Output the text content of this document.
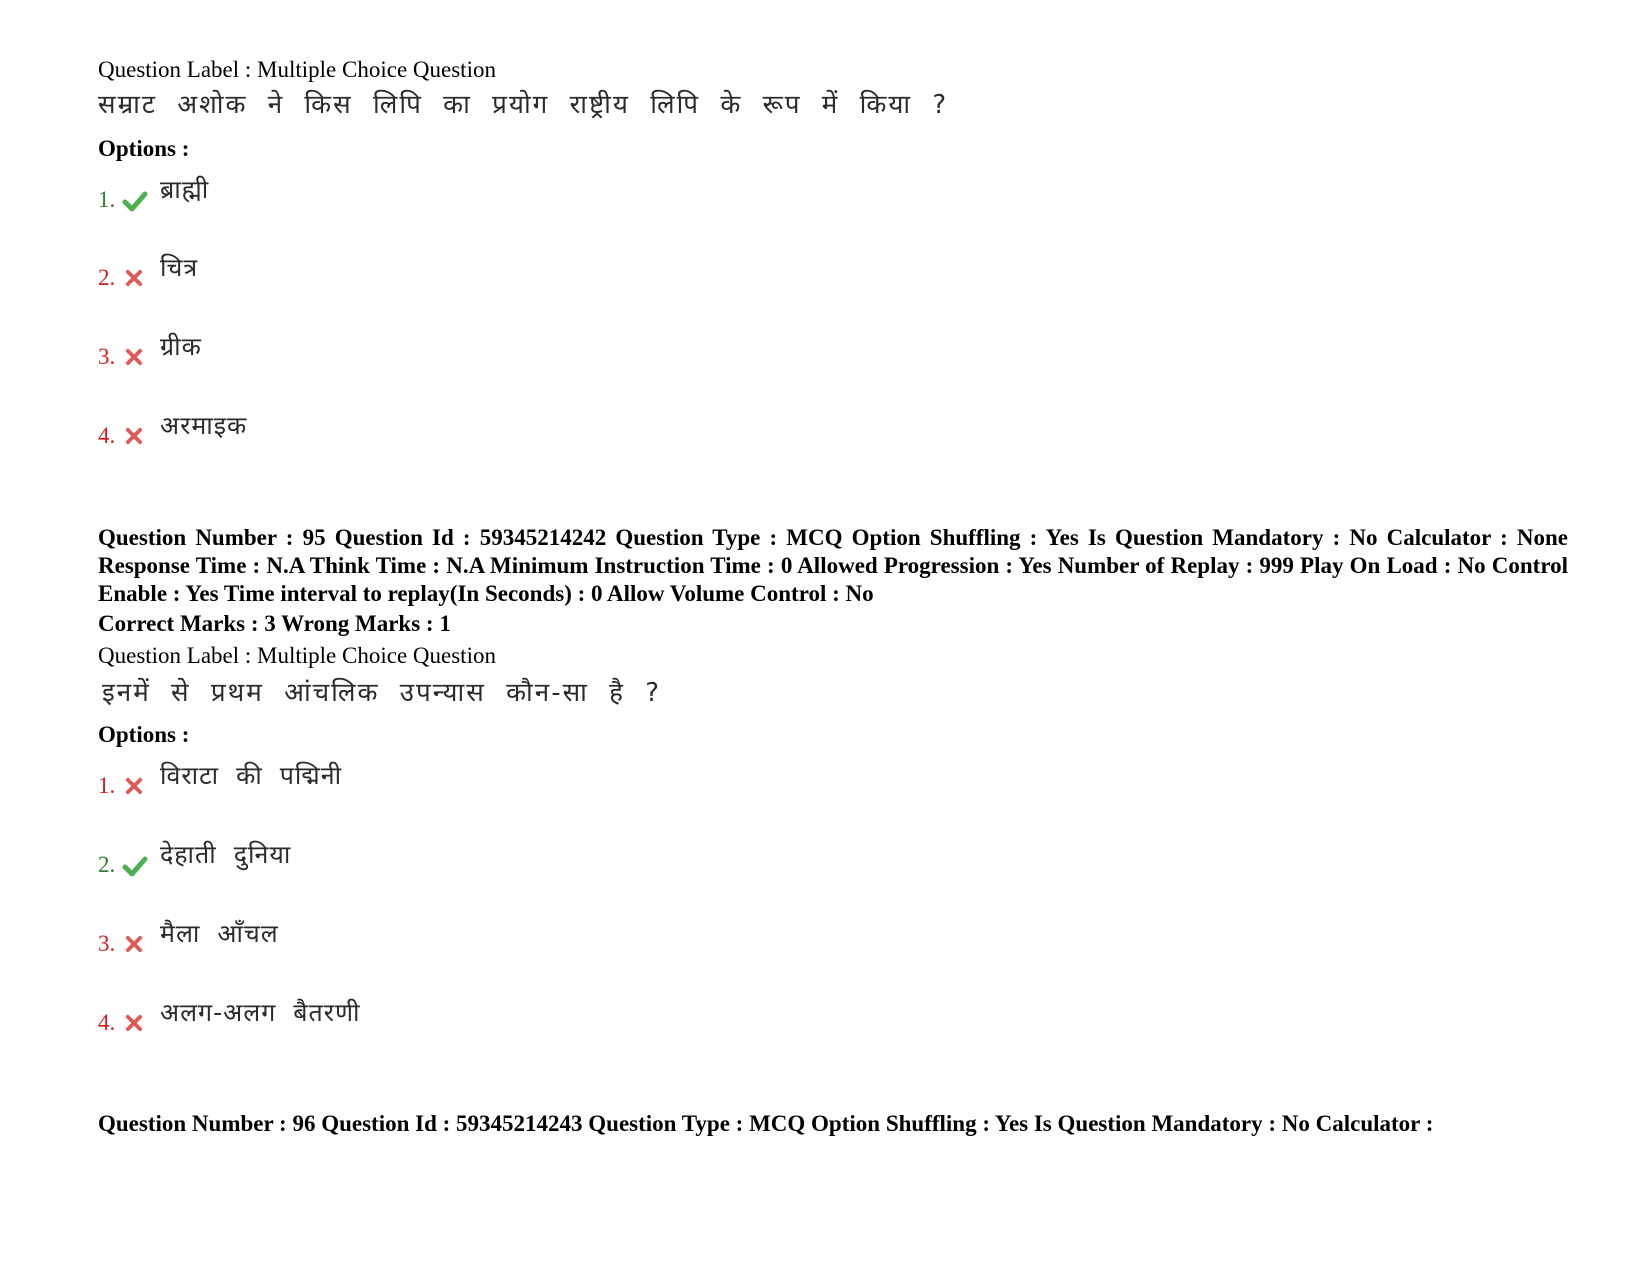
Question Label : Multiple Choice Question
सम्राट अशोक ने किस लिपि का प्रयोग राष्ट्रीय लिपि के रूप में किया ?
Options :
1. ब्राह्मी
2. चित्र
3. ग्रीक
4. अरमाइक
Question Number : 95 Question Id : 59345214242 Question Type : MCQ Option Shuffling : Yes Is Question Mandatory : No Calculator : None Response Time : N.A Think Time : N.A Minimum Instruction Time : 0 Allowed Progression : Yes Number of Replay : 999 Play On Load : No Control Enable : Yes Time interval to replay(In Seconds) : 0 Allow Volume Control : No
Correct Marks : 3 Wrong Marks : 1
Question Label : Multiple Choice Question
इनमें से प्रथम आंचलिक उपन्यास कौन-सा है ?
Options :
1. विराटा की पद्मिनी
2. देहाती दुनिया
3. मैला आँचल
4. अलग-अलग बैतरणी
Question Number : 96 Question Id : 59345214243 Question Type : MCQ Option Shuffling : Yes Is Question Mandatory : No Calculator :
